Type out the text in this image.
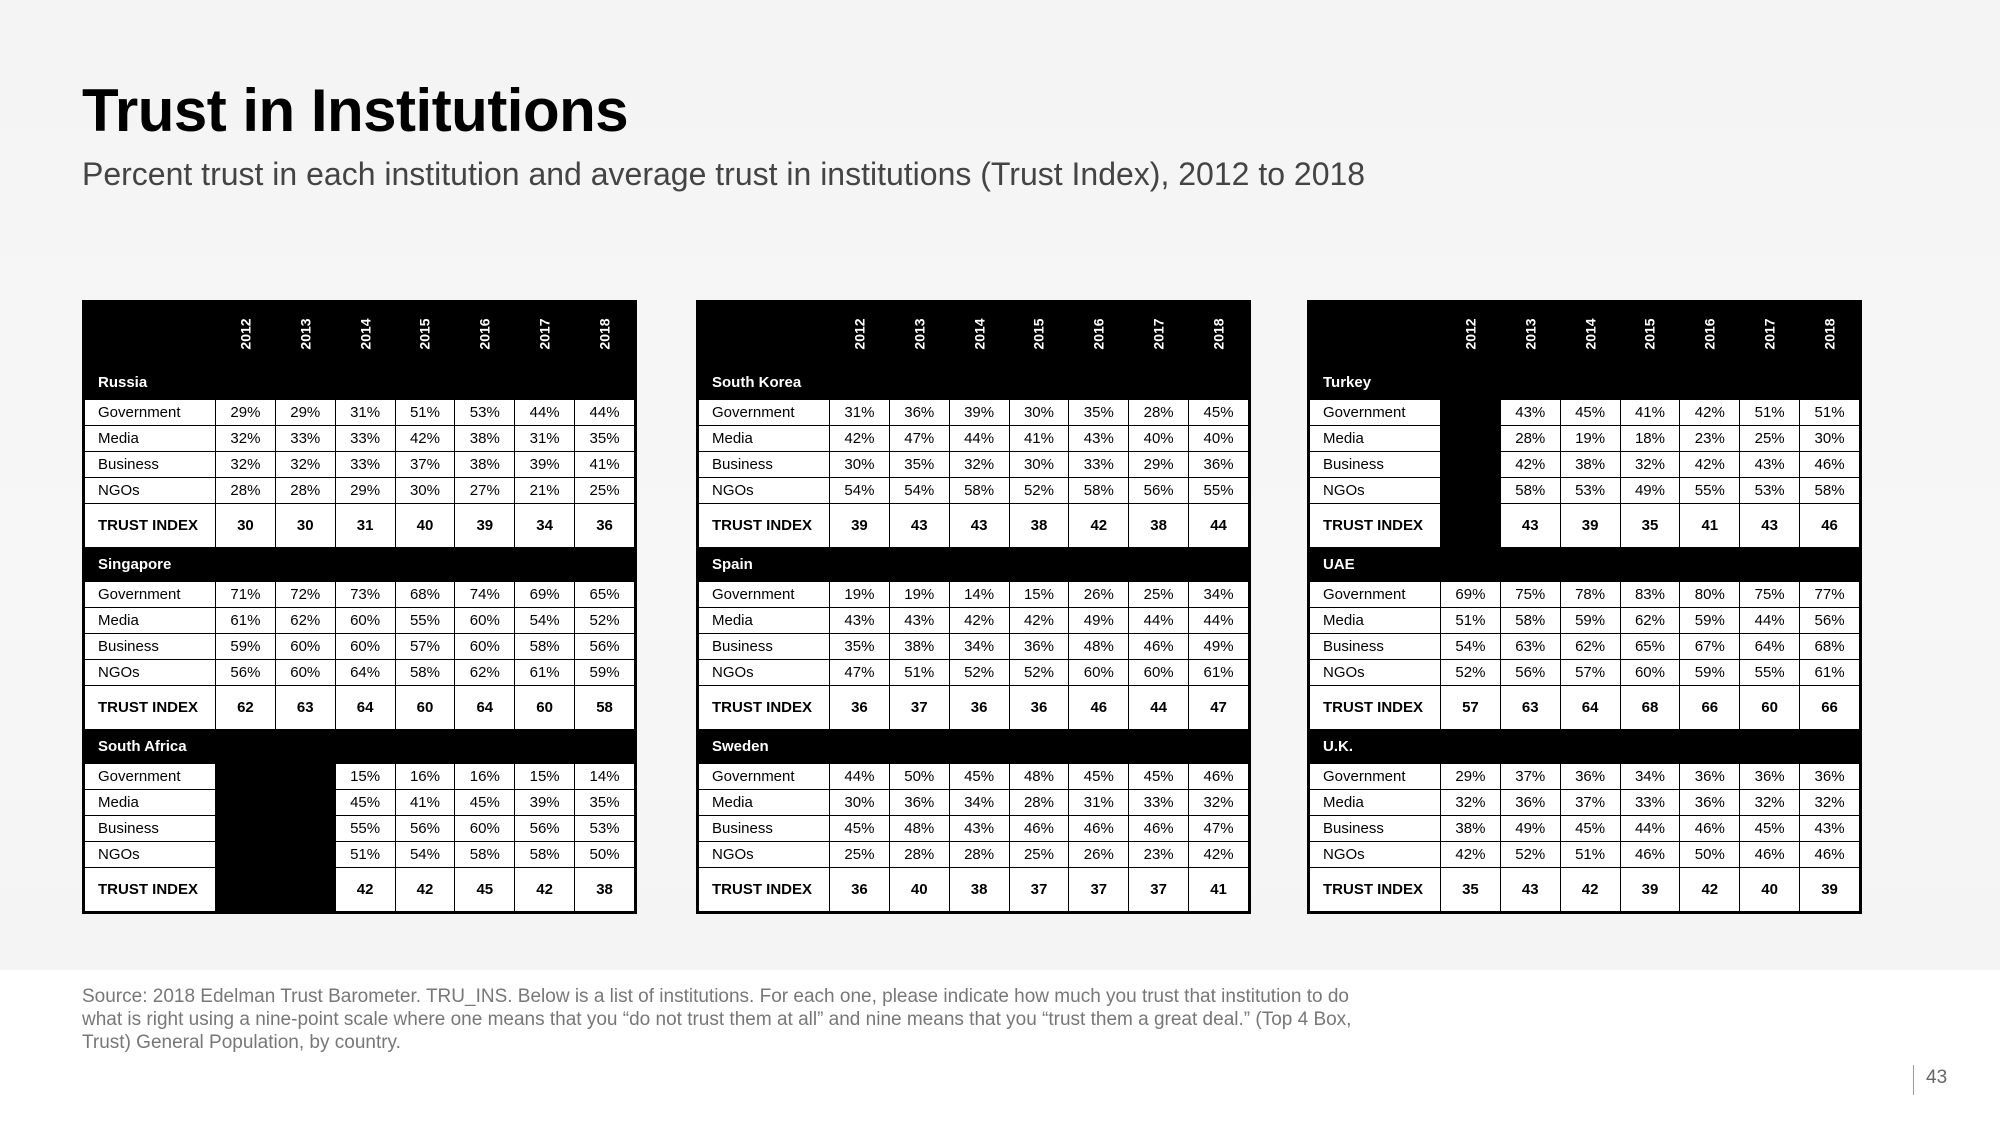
Trust in Institutions

Percent trust in each institution and average trust in institutions (Trust Index), 2012 to 2018

	2012	2013	2014	2015	2016	2017	2018
Russia							
Government	29%	29%	31%	51%	53%	44%	44%
Media	32%	33%	33%	42%	38%	31%	35%
Business	32%	32%	33%	37%	38%	39%	41%
NGOs	28%	28%	29%	30%	27%	21%	25%
TRUST INDEX	30	30	31	40	39	34	36
Singapore							
Government	71%	72%	73%	68%	74%	69%	65%
Media	61%	62%	60%	55%	60%	54%	52%
Business	59%	60%	60%	57%	60%	58%	56%
NGOs	56%	60%	64%	58%	62%	61%	59%
TRUST INDEX	62	63	64	60	64	60	58
South Africa							
Government			15%	16%	16%	15%	14%
Media			45%	41%	45%	39%	35%
Business			55%	56%	60%	56%	53%
NGOs			51%	54%	58%	58%	50%
TRUST INDEX			42	42	45	42	38
	2012	2013	2014	2015	2016	2017	2018
South Korea							
Government	31%	36%	39%	30%	35%	28%	45%
Media	42%	47%	44%	41%	43%	40%	40%
Business	30%	35%	32%	30%	33%	29%	36%
NGOs	54%	54%	58%	52%	58%	56%	55%
TRUST INDEX	39	43	43	38	42	38	44
Spain							
Government	19%	19%	14%	15%	26%	25%	34%
Media	43%	43%	42%	42%	49%	44%	44%
Business	35%	38%	34%	36%	48%	46%	49%
NGOs	47%	51%	52%	52%	60%	60%	61%
TRUST INDEX	36	37	36	36	46	44	47
Sweden							
Government	44%	50%	45%	48%	45%	45%	46%
Media	30%	36%	34%	28%	31%	33%	32%
Business	45%	48%	43%	46%	46%	46%	47%
NGOs	25%	28%	28%	25%	26%	23%	42%
TRUST INDEX	36	40	38	37	37	37	41
	2012	2013	2014	2015	2016	2017	2018
Turkey							
Government		43%	45%	41%	42%	51%	51%
Media		28%	19%	18%	23%	25%	30%
Business		42%	38%	32%	42%	43%	46%
NGOs		58%	53%	49%	55%	53%	58%
TRUST INDEX		43	39	35	41	43	46
UAE							
Government	69%	75%	78%	83%	80%	75%	77%
Media	51%	58%	59%	62%	59%	44%	56%
Business	54%	63%	62%	65%	67%	64%	68%
NGOs	52%	56%	57%	60%	59%	55%	61%
TRUST INDEX	57	63	64	68	66	60	66
U.K.							
Government	29%	37%	36%	34%	36%	36%	36%
Media	32%	36%	37%	33%	36%	32%	32%
Business	38%	49%	45%	44%	46%	45%	43%
NGOs	42%	52%	51%	46%	50%	46%	46%
TRUST INDEX	35	43	42	39	42	40	39

Source: 2018 Edelman Trust Barometer. TRU_INS. Below is a list of institutions. For each one, please indicate how much you trust that institution to do what is right using a nine-point scale where one means that you “do not trust them at all” and nine means that you “trust them a great deal.” (Top 4 Box, Trust) General Population, by country.

43
